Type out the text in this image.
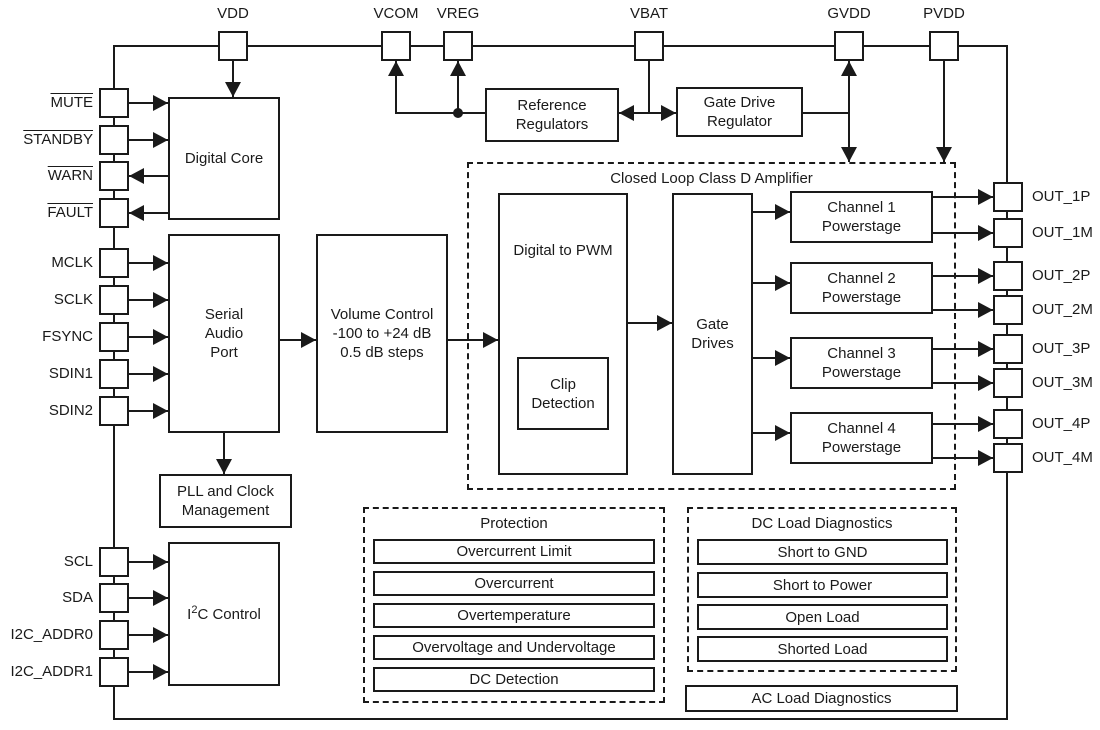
Closed Loop Class D Amplifier
Protection	DC Load Diagnostics
Digital Core
Serial
Audio
Port
Volume Control
-100 to +24 dB
0.5 dB steps
PLL and Clock
Management
$I^2C$ Control
Reference
Regulators
Gate Drive
Regulator
Digital to PWM
Clip
Detection
Gate
Drives
Channel 1
Powerstage
Channel 2
Powerstage
Channel 3
Powerstage
Channel 4
Powerstage
Overcurrent Limit
Overcurrent
Overtemperature
Overvoltage and Undervoltage
DC Detection
Short to GND
Short to Power
Open Load
Shorted Load
AC Load Diagnostics
VDD	VCOM	VREG	VBAT	GVDD	PVDD
MUTE
STANDBY
WARN
FAULT
MCLK
SCLK
FSYNC
SDIN1
SDIN2
SCL
SDA
I2C_ADDR0
I2C_ADDR1
OUT_1P
OUT_1M
OUT_2P
OUT_2M
OUT_3P
OUT_3M
OUT_4P
OUT_4M
